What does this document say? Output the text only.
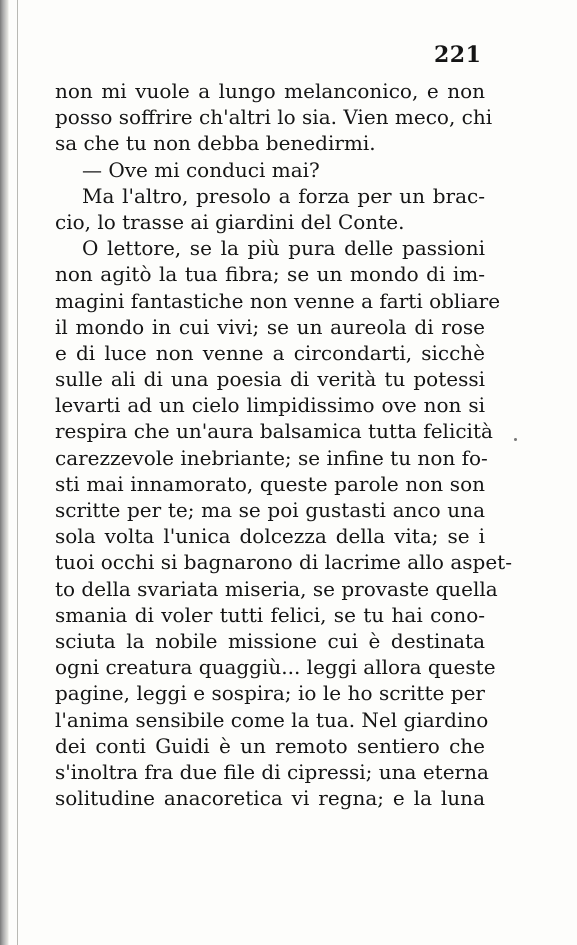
221
non mi vuole a lungo melanconico, e non
posso soffrire ch'altri lo sia. Vien meco, chi
sa che tu non debba benedirmi.
— Ove mi conduci mai?
Ma l'altro, presolo a forza per un brac-
cio, lo trasse ai giardini del Conte.
O lettore, se la più pura delle passioni
non agitò la tua fibra; se un mondo di im-
magini fantastiche non venne a farti obliare
il mondo in cui vivi; se un aureola di rose
e di luce non venne a circondarti, sicchè
sulle ali di una poesia di verità tu potessi
levarti ad un cielo limpidissimo ove non si
respira che un'aura balsamica tutta felicità
carezzevole inebriante; se infine tu non fo-
sti mai innamorato, queste parole non son
scritte per te; ma se poi gustasti anco una
sola volta l'unica dolcezza della vita; se i
tuoi occhi si bagnarono di lacrime allo aspet-
to della svariata miseria, se provaste quella
smania di voler tutti felici, se tu hai cono-
sciuta la nobile missione cui è destinata
ogni creatura quaggiù... leggi allora queste
pagine, leggi e sospira; io le ho scritte per
l'anima sensibile come la tua. Nel giardino
dei conti Guidi è un remoto sentiero che
s'inoltra fra due file di cipressi; una eterna
solitudine anacoretica vi regna; e la luna
